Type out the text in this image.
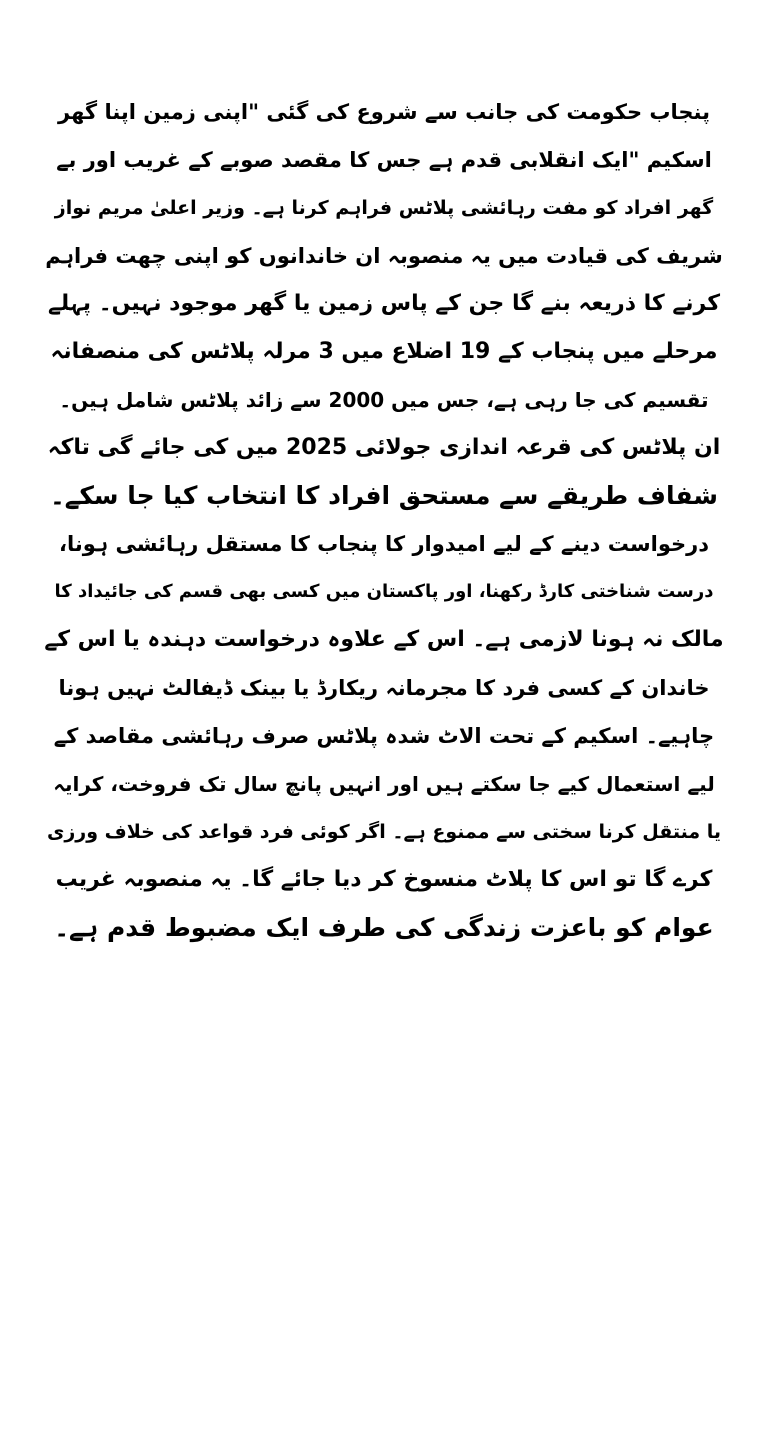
پنجاب حکومت کی جانب سے شروع کی گئی "اپنی زمین اپنا گھر
اسکیم "ایک انقلابی قدم ہے جس کا مقصد صوبے کے غریب اور بے
گھر افراد کو مفت رہائشی پلاٹس فراہم کرنا ہے۔ وزیر اعلیٰ مریم نواز
شریف کی قیادت میں یہ منصوبہ ان خاندانوں کو اپنی چھت فراہم
کرنے کا ذریعہ بنے گا جن کے پاس زمین یا گھر موجود نہیں۔ پہلے
مرحلے میں پنجاب کے 19 اضلاع میں 3 مرلہ پلاٹس کی منصفانہ
تقسیم کی جا رہی ہے، جس میں 2000 سے زائد پلاٹس شامل ہیں۔
ان پلاٹس کی قرعہ اندازی جولائی 2025 میں کی جائے گی تاکہ
شفاف طریقے سے مستحق افراد کا انتخاب کیا جا سکے۔
درخواست دینے کے لیے امیدوار کا پنجاب کا مستقل رہائشی ہونا،
درست شناختی کارڈ رکھنا، اور پاکستان میں کسی بھی قسم کی جائیداد کا
مالک نہ ہونا لازمی ہے۔ اس کے علاوہ درخواست دہندہ یا اس کے
خاندان کے کسی فرد کا مجرمانہ ریکارڈ یا بینک ڈیفالٹ نہیں ہونا
چاہیے۔ اسکیم کے تحت الاٹ شدہ پلاٹس صرف رہائشی مقاصد کے
لیے استعمال کیے جا سکتے ہیں اور انہیں پانچ سال تک فروخت، کرایہ
یا منتقل کرنا سختی سے ممنوع ہے۔ اگر کوئی فرد قواعد کی خلاف ورزی
کرے گا تو اس کا پلاٹ منسوخ کر دیا جائے گا۔ یہ منصوبہ غریب
عوام کو باعزت زندگی کی طرف ایک مضبوط قدم ہے۔
